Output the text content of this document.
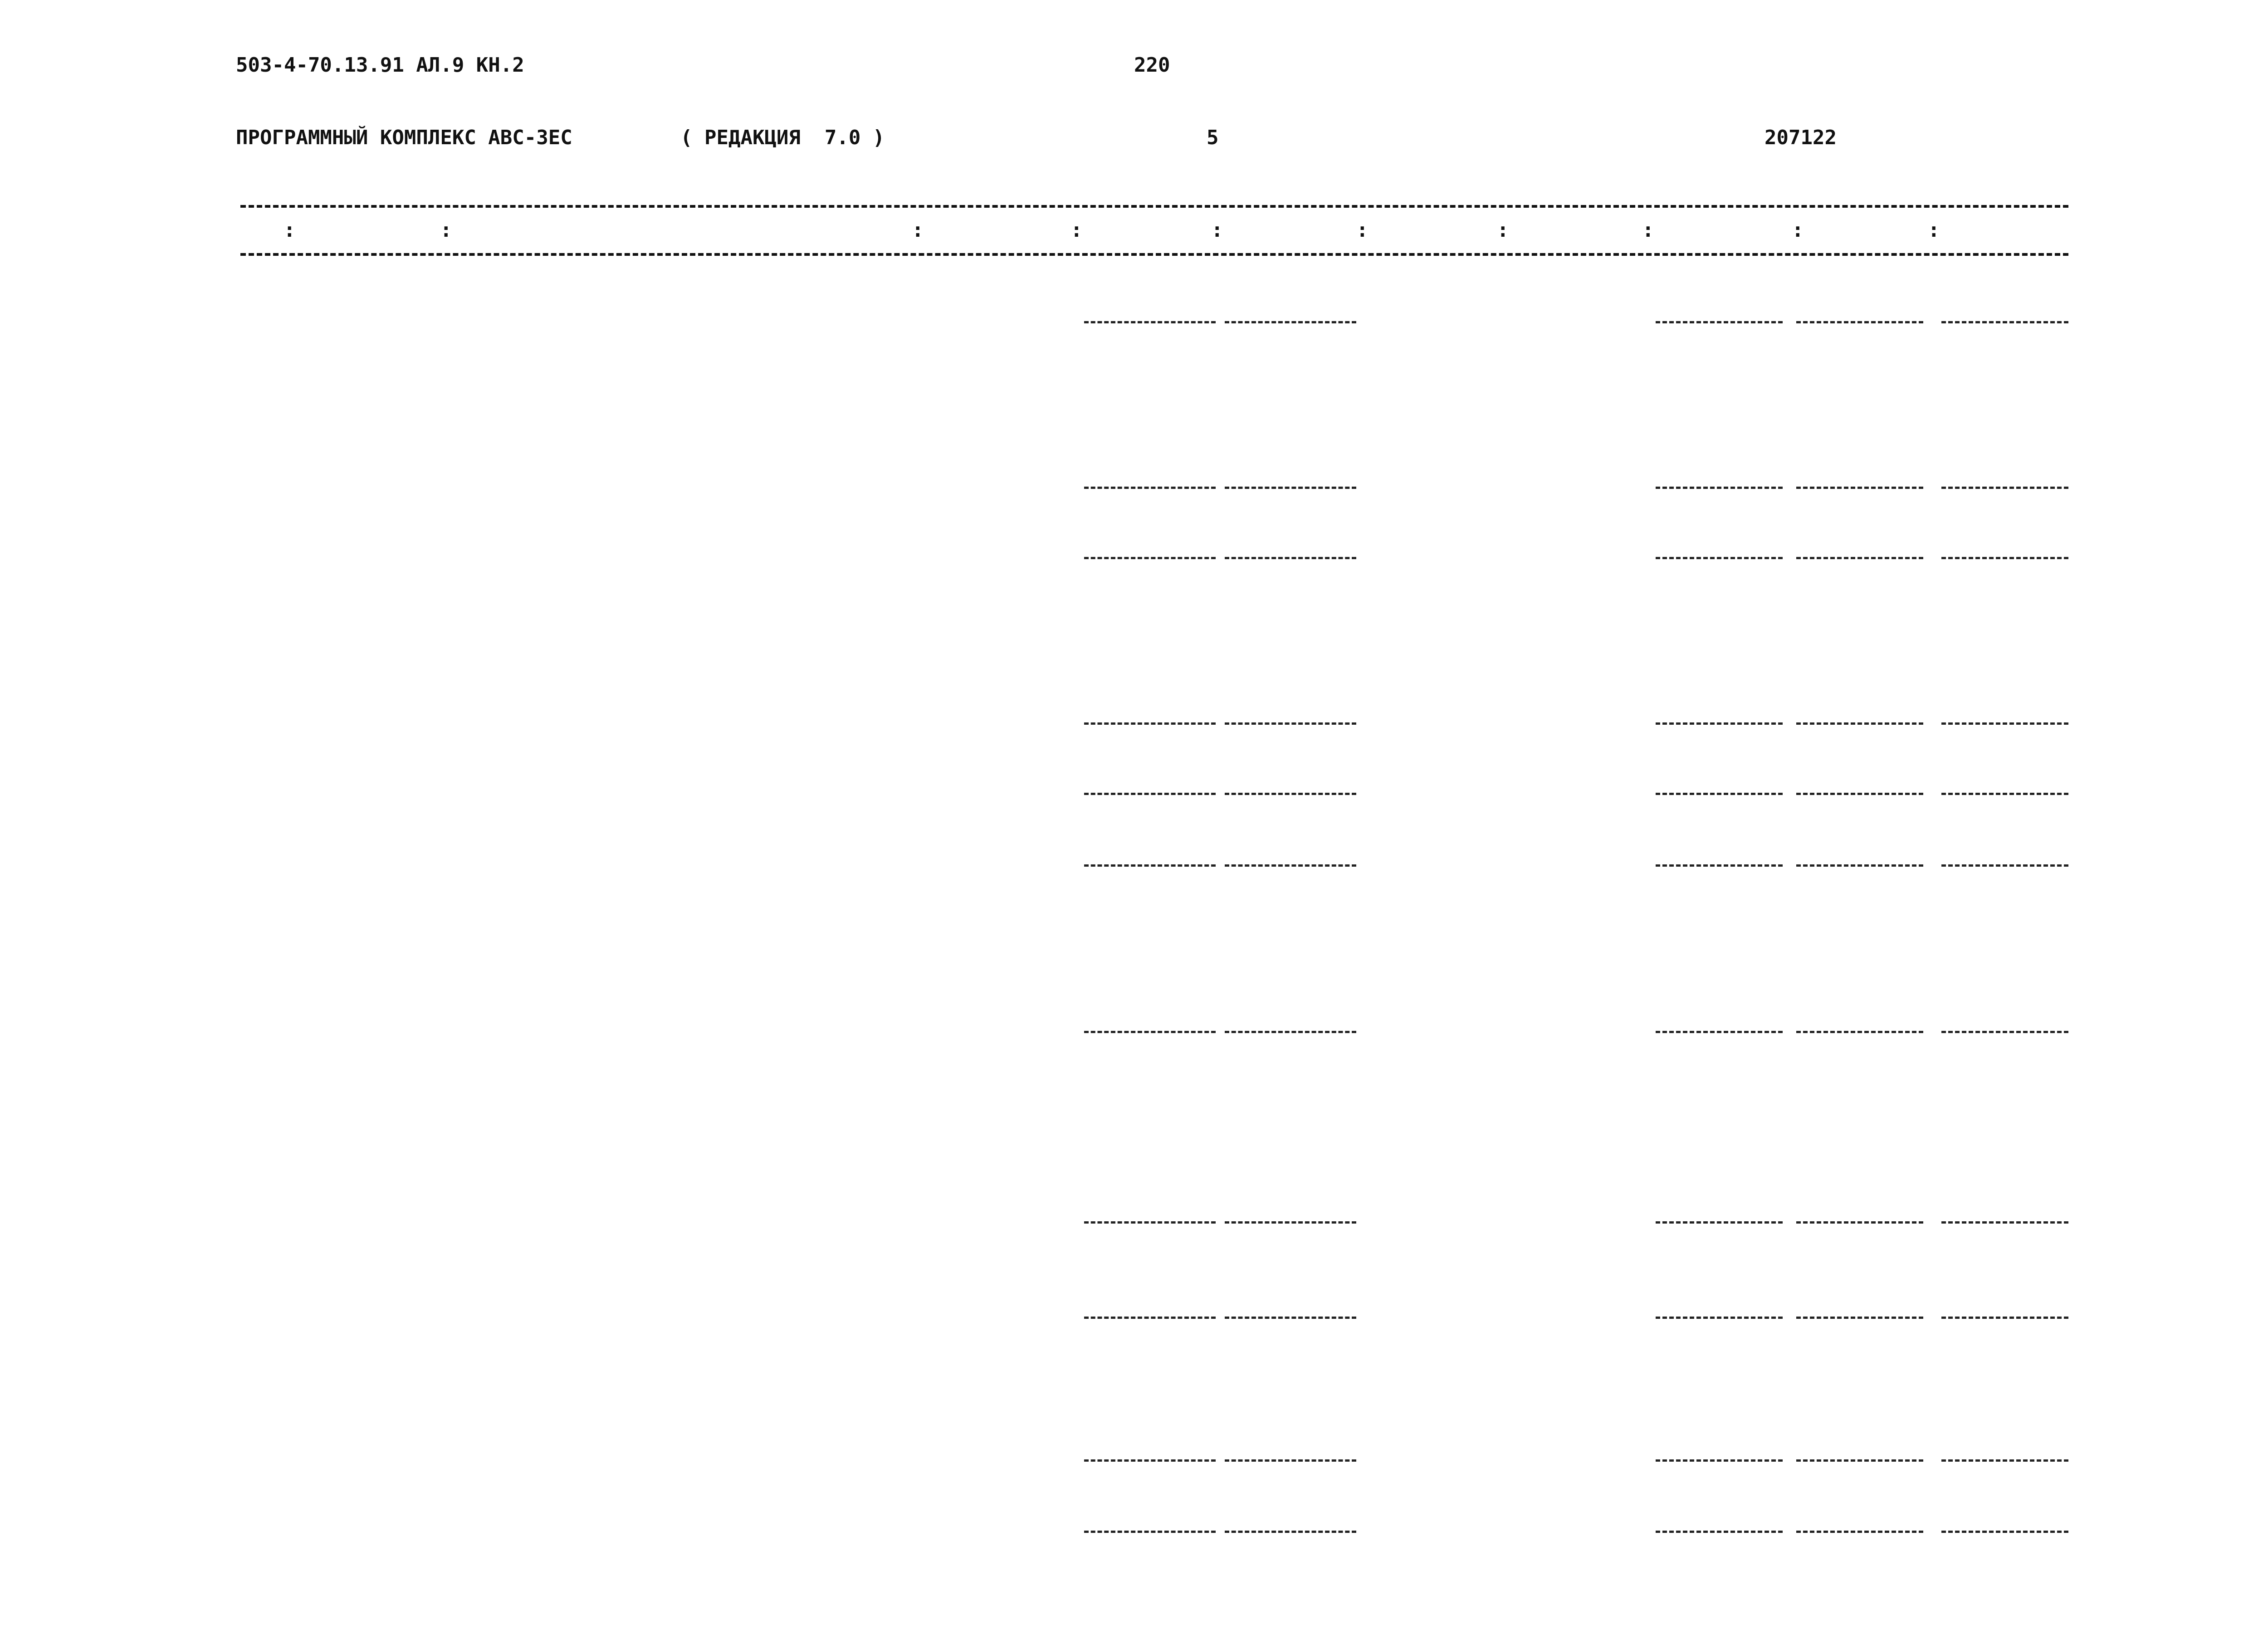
503-4-70.13.91 АЛ.9 КН.2	220
ПРОГРАММНЫЙ КОМПЛЕКС АВС-3ЕС	( РЕДАКЦИЯ  7.0 )	5	207122
:	:	:	:	:	:	:	:	:	:
